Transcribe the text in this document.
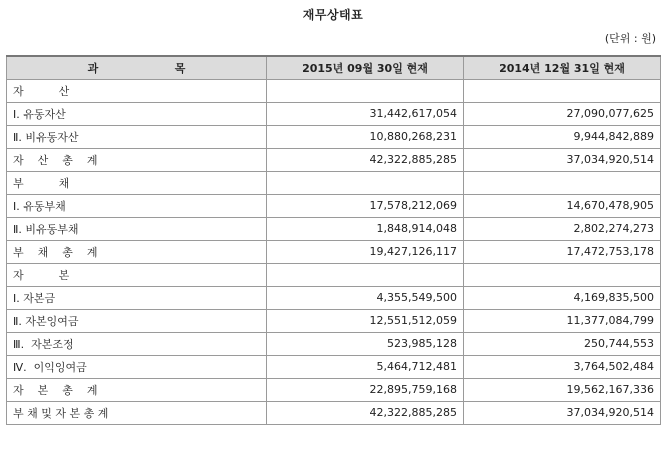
재무상태표
(단위 : 원)
과                    목	2015년 09월 30일 현재	2014년 12월 31일 현재
자          산		
Ⅰ. 유동자산	31,442,617,054	27,090,077,625
Ⅱ. 비유동자산	10,880,268,231	9,944,842,889
자    산    총    계	42,322,885,285	37,034,920,514
부          채		
Ⅰ. 유동부채	17,578,212,069	14,670,478,905
Ⅱ. 비유동부채	1,848,914,048	2,802,274,273
부    채    총    계	19,427,126,117	17,472,753,178
자          본		
Ⅰ. 자본금	4,355,549,500	4,169,835,500
Ⅱ. 자본잉여금	12,551,512,059	11,377,084,799
Ⅲ.  자본조정	523,985,128	250,744,553
Ⅳ.  이익잉여금	5,464,712,481	3,764,502,484
자    본    총    계	22,895,759,168	19,562,167,336
부 채 및 자 본 총 계	42,322,885,285	37,034,920,514
